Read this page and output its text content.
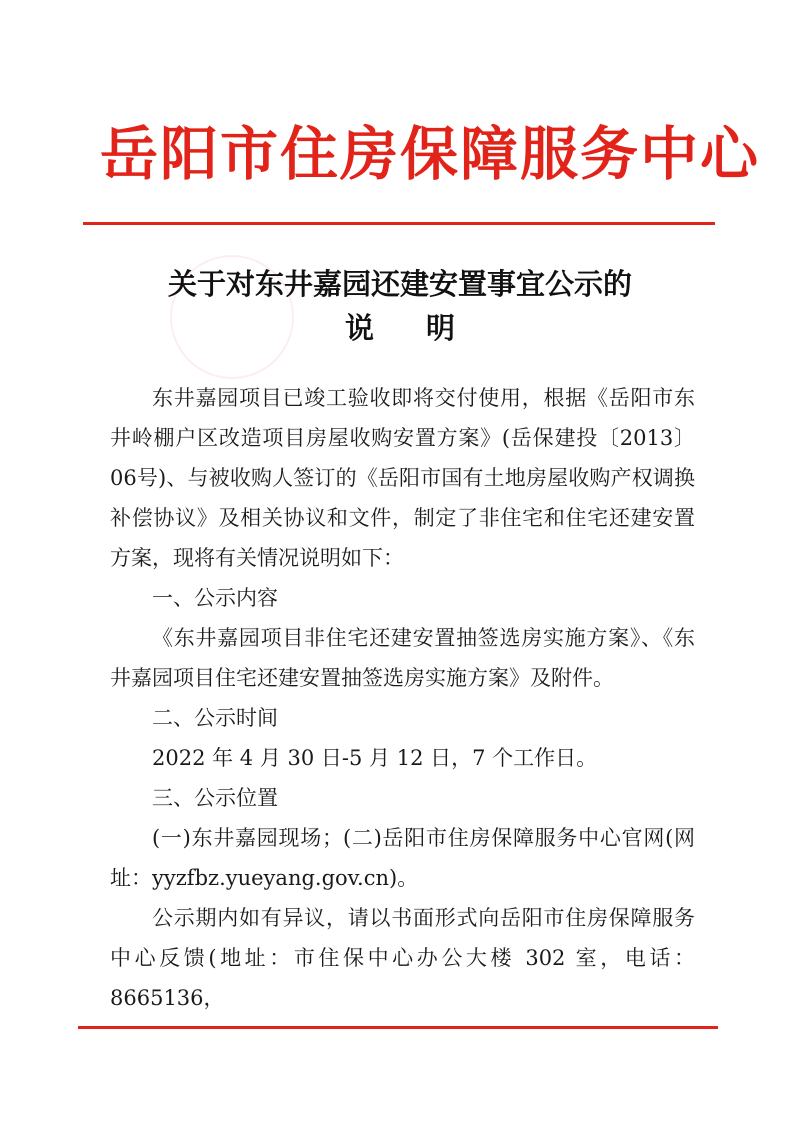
岳阳市住房保障服务中心
关于对东井嘉园还建安置事宜公示的
说明

东井嘉园项目已竣工验收即将交付使用，根据《岳阳市东井岭棚户区改造项目房屋收购安置方案》(岳保建投〔2013〕06号)、与被收购人签订的《岳阳市国有土地房屋收购产权调换补偿协议》及相关协议和文件，制定了非住宅和住宅还建安置方案，现将有关情况说明如下：

一、公示内容

《东井嘉园项目非住宅还建安置抽签选房实施方案》、《东井嘉园项目住宅还建安置抽签选房实施方案》及附件。

二、公示时间

2022 年 4 月 30 日-5 月 12 日，7 个工作日。

三、公示位置

(一)东井嘉园现场；(二)岳阳市住房保障服务中心官网(网址：yyzfbz.yueyang.gov.cn)。

公示期内如有异议，请以书面形式向岳阳市住房保障服务中心反馈(地址：市住保中心办公大楼 302 室，电话：8665136，
